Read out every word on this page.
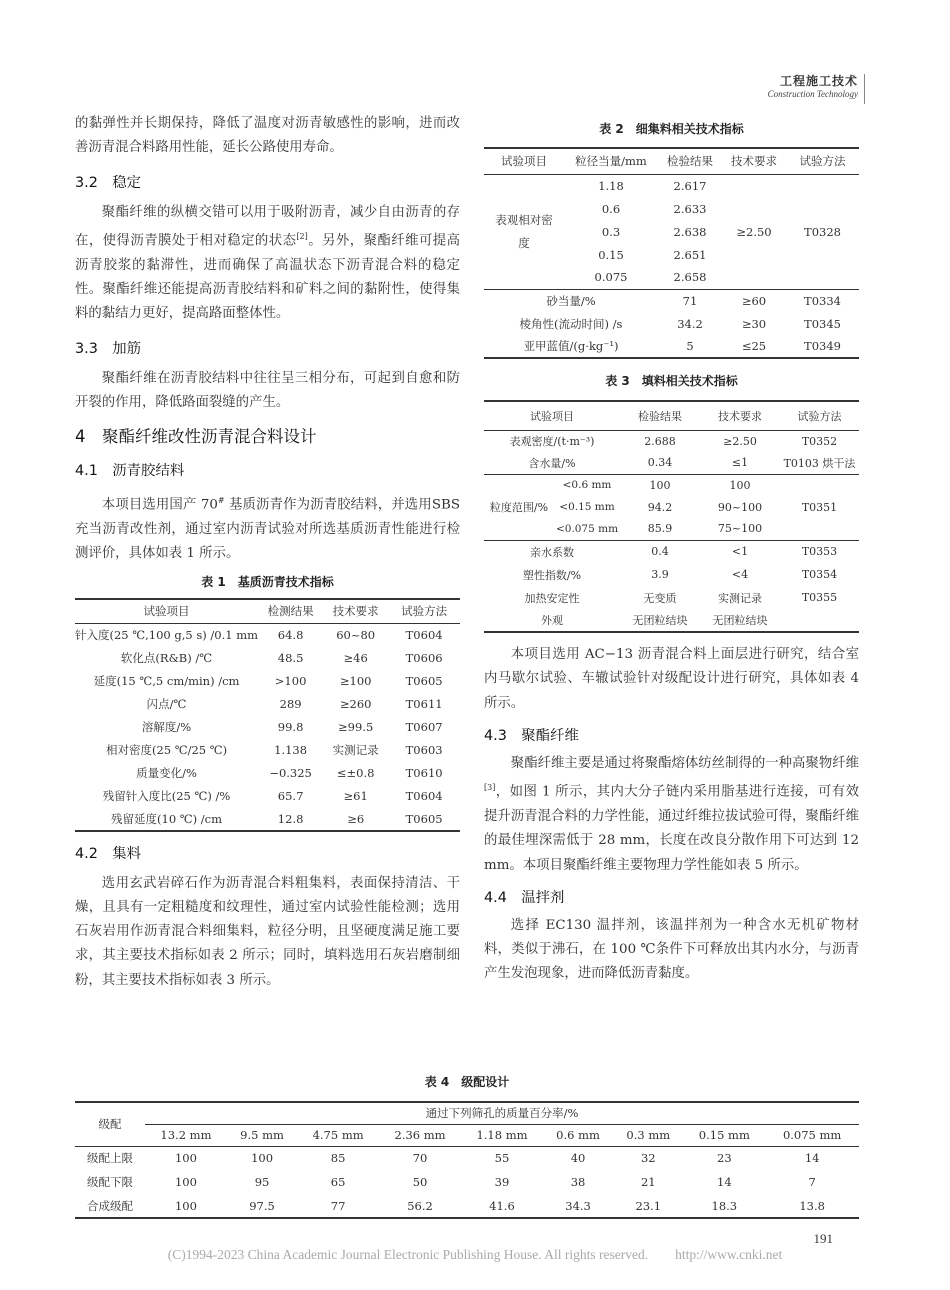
工程施工技术
Construction Technology

的黏弹性并长期保持，降低了温度对沥青敏感性的影响，进而改善沥青混合料路用性能，延长公路使用寿命。

3.2　稳定

聚酯纤维的纵横交错可以用于吸附沥青，减少自由沥青的存在，使得沥青膜处于相对稳定的状态[2]。另外，聚酯纤维可提高沥青胶浆的黏滞性，进而确保了高温状态下沥青混合料的稳定性。聚酯纤维还能提高沥青胶结料和矿料之间的黏附性，使得集料的黏结力更好，提高路面整体性。

3.3　加筋

聚酯纤维在沥青胶结料中往往呈三相分布，可起到自愈和防开裂的作用，降低路面裂缝的产生。

4　聚酯纤维改性沥青混合料设计
4.1　沥青胶结料

本项目选用国产 70# 基质沥青作为沥青胶结料，并选用SBS充当沥青改性剂，通过室内沥青试验对所选基质沥青性能进行检测评价，具体如表 1 所示。

表 1　基质沥青技术指标
试验项目	检测结果	技术要求	试验方法
针入度(25 ℃,100 g,5 s) /0.1 mm	64.8	60~80	T0604
软化点(R&B) /℃	48.5	≥46	T0606
延度(15 ℃,5 cm/min) /cm	>100	≥100	T0605
闪点/℃	289	≥260	T0611
溶解度/%	99.8	≥99.5	T0607
相对密度(25 ℃/25 ℃)	1.138	实测记录	T0603
质量变化/%	−0.325	≤±0.8	T0610
残留针入度比(25 ℃) /%	65.7	≥61	T0604
残留延度(10 ℃) /cm	12.8	≥6	T0605
4.2　集料

选用玄武岩碎石作为沥青混合料粗集料，表面保持清洁、干燥，且具有一定粗糙度和纹理性，通过室内试验性能检测；选用石灰岩用作沥青混合料细集料，粒径分明，且坚硬度满足施工要求，其主要技术指标如表 2 所示；同时，填料选用石灰岩磨制细粉，其主要技术指标如表 3 所示。

表 2　细集料相关技术指标
试验项目	粒径当量/mm	检验结果	技术要求	试验方法
表观相对密度	1.18	2.617	≥2.50	T0328
	0.6	2.633		
	0.3	2.638		
	0.15	2.651		
	0.075	2.658		
砂当量/%		71	≥60	T0334
棱角性(流动时间) /s		34.2	≥30	T0345
亚甲蓝值/(g·kg⁻¹)		5	≤25	T0349
表 3　填料相关技术指标
试验项目		检验结果	技术要求	试验方法
表观密度/(t·m⁻³)		2.688	≥2.50	T0352
含水量/%		0.34	≤1	T0103 烘干法
粒度范围/%	<0.6 mm	100	100	T0351
	<0.15 mm	94.2	90~100	
	<0.075 mm	85.9	75~100	
亲水系数		0.4	<1	T0353
塑性指数/%		3.9	<4	T0354
加热安定性		无变质	实测记录	T0355
外观		无团粒结块	无团粒结块	

本项目选用 AC−13 沥青混合料上面层进行研究，结合室内马歇尔试验、车辙试验针对级配设计进行研究，具体如表 4 所示。

4.3　聚酯纤维

聚酯纤维主要是通过将聚酯熔体纺丝制得的一种高聚物纤维[3]，如图 1 所示，其内大分子链内采用脂基进行连接，可有效提升沥青混合料的力学性能，通过纤维拉拔试验可得，聚酯纤维的最佳埋深需低于 28 mm，长度在改良分散作用下可达到 12 mm。本项目聚酯纤维主要物理力学性能如表 5 所示。

4.4　温拌剂

选择 EC130 温拌剂，该温拌剂为一种含水无机矿物材料，类似于沸石，在 100 ℃条件下可释放出其内水分，与沥青产生发泡现象，进而降低沥青黏度。

表 4　级配设计
级配	通过下列筛孔的质量百分率/%								
	13.2 mm	9.5 mm	4.75 mm	2.36 mm	1.18 mm	0.6 mm	0.3 mm	0.15 mm	0.075 mm
级配上限	100	100	85	70	55	40	32	23	14
级配下限	100	95	65	50	39	38	21	14	7
合成级配	100	97.5	77	56.2	41.6	34.3	23.1	18.3	13.8
191
(C)1994-2023 China Academic Journal Electronic Publishing House. All rights reserved.　　http://www.cnki.net
